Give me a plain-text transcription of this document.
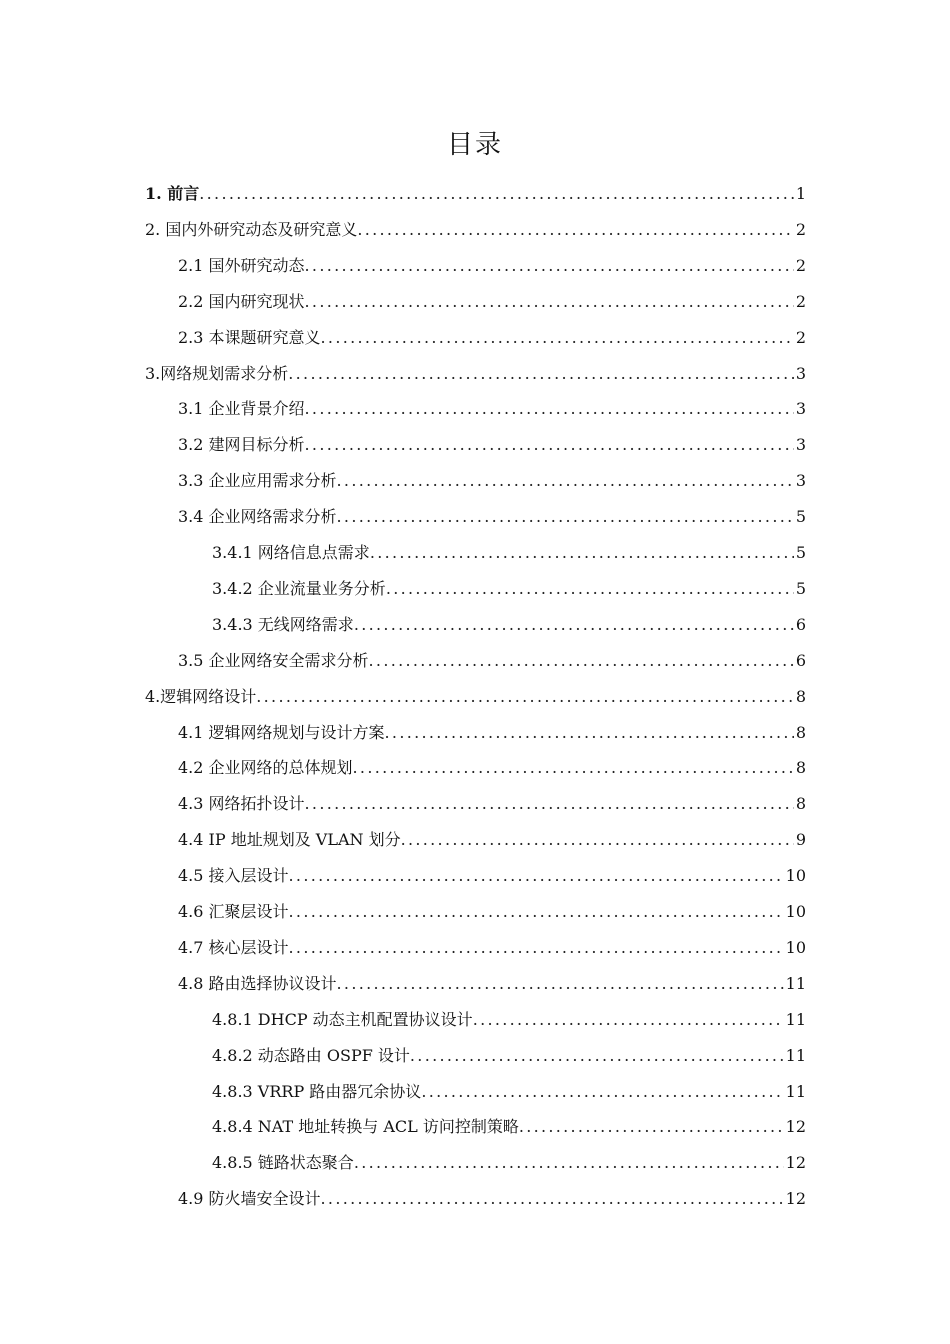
目录
1. 前言 .....	1
2. 国内外研究动态及研究意义 .....	2
2.1 国外研究动态 .....	2
2.2 国内研究现状 .....	2
2.3 本课题研究意义 .....	2
3.网络规划需求分析 .....	3
3.1 企业背景介绍 .....	3
3.2 建网目标分析 .....	3
3.3 企业应用需求分析 .....	3
3.4 企业网络需求分析 .....	5
3.4.1 网络信息点需求 .....	5
3.4.2 企业流量业务分析 .....	5
3.4.3 无线网络需求 .....	6
3.5 企业网络安全需求分析 .....	6
4.逻辑网络设计 .....	8
4.1 逻辑网络规划与设计方案 .....	8
4.2 企业网络的总体规划 .....	8
4.3 网络拓扑设计 .....	8
4.4 IP 地址规划及 VLAN 划分 .....	9
4.5 接入层设计 .....	10
4.6 汇聚层设计 .....	10
4.7 核心层设计 .....	10
4.8 路由选择协议设计 .....	11
4.8.1 DHCP 动态主机配置协议设计 .....	11
4.8.2 动态路由 OSPF 设计 .....	11
4.8.3 VRRP 路由器冗余协议 .....	11
4.8.4 NAT 地址转换与 ACL 访问控制策略 .....	12
4.8.5 链路状态聚合 .....	12
4.9 防火墙安全设计 .....	12
